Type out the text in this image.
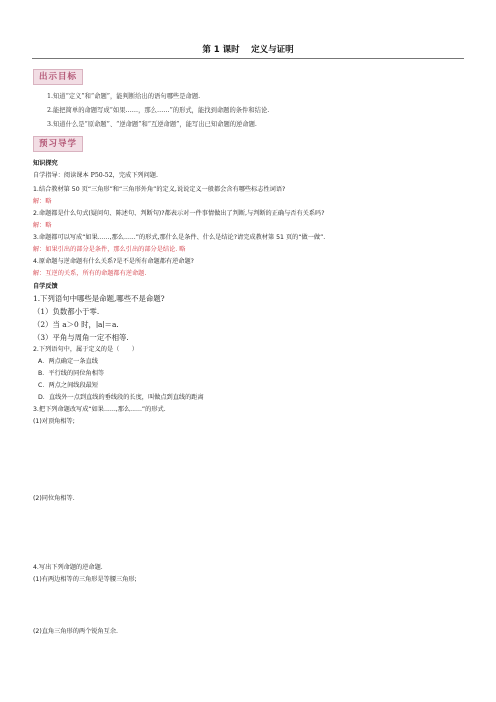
第 1 课时　 定义与证明
出示目标
1.知道“定义”和“命题”，能判断给出的语句哪些是命题.
2.能把简单的命题写成“如果……，那么……”的形式，能找到命题的条件和结论.
3.知道什么是“原命题”、“逆命题”和“互逆命题”，能写出已知命题的逆命题.
预习导学
知识探究
自学指导：阅读课本 P50-52，完成下列问题.
1.结合教材第 50 页“三角形”和“三角形外角”的定义,说说定义一般都会含有哪些标志性词语?
解：略
2.命题都是什么句式(疑问句、陈述句、判断句)?都表示对一件事情做出了判断,与判断的正确与否有关系吗?
解：略
3.命题都可以写成“如果......,那么......”的形式,那什么是条件、什么是结论?请完成教材第 51 页的“做一做”.
解：如果引出的部分是条件，那么引出的部分是结论. 略
4.原命题与逆命题有什么关系?是不是所有命题都有逆命题?
解：互逆的关系，所有的命题都有逆命题.
自学反馈
1.下列语句中哪些是命题,哪些不是命题?
（1）负数都小于零.
（2）当 a＞0 时，∣a∣＝a.
（3）平角与周角一定不相等.
2.下列语句中，属于定义的是（　　）
A．两点确定一条直线
B．平行线的同位角相等
C．两点之间线段最短
D．直线外一点到直线的垂线段的长度，叫做点到直线的距离
3.把下列命题改写成“如果......,那么......”的形式.
(1)对顶角相等;
(2)同位角相等.
4.写出下列命题的逆命题.
(1)有两边相等的三角形是等腰三角形;
(2)直角三角形的两个锐角互余.
